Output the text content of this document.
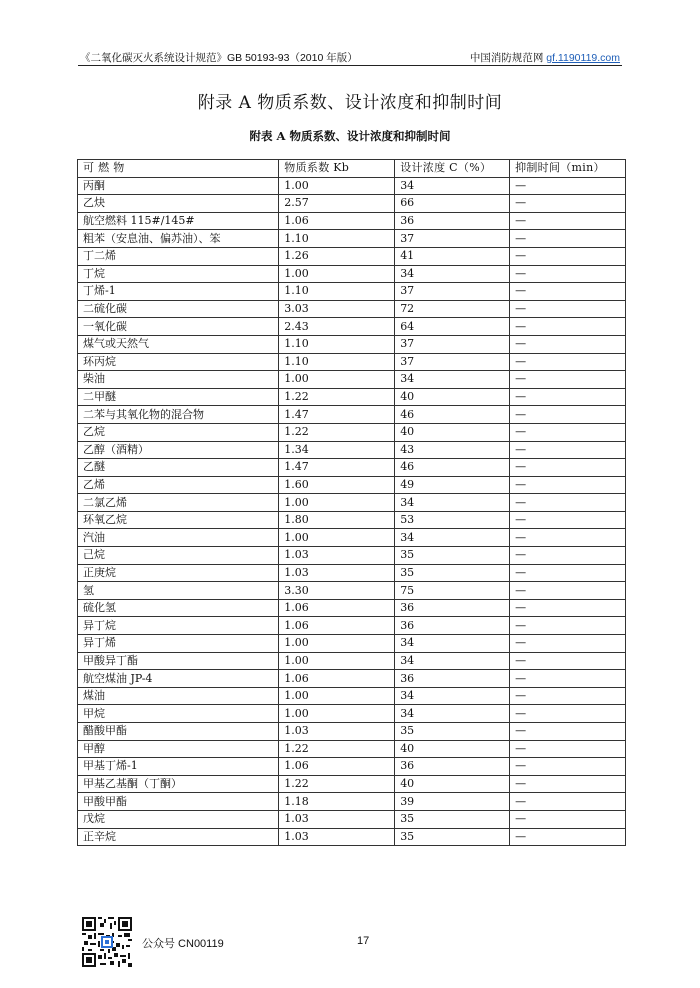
《二氧化碳灭火系统设计规范》GB 50193-93（2010 年版）	中国消防规范网 gf.1190119.com
附录 A 物质系数、设计浓度和抑制时间
附表 A 物质系数、设计浓度和抑制时间
可 燃 物	物质系数 Kb	设计浓度 C（%）	抑制时间（min）
丙酮	1.00	34	—
乙炔	2.57	66	—
航空燃料 115#/145#	1.06	36	—
粗苯（安息油、偏苏油）、笨	1.10	37	—
丁二烯	1.26	41	—
丁烷	1.00	34	—
丁烯-1	1.10	37	—
二硫化碳	3.03	72	—
一氧化碳	2.43	64	—
煤气或天然气	1.10	37	—
环丙烷	1.10	37	—
柴油	1.00	34	—
二甲醚	1.22	40	—
二苯与其氧化物的混合物	1.47	46	—
乙烷	1.22	40	—
乙醇（酒精）	1.34	43	—
乙醚	1.47	46	—
乙烯	1.60	49	—
二氯乙烯	1.00	34	—
环氧乙烷	1.80	53	—
汽油	1.00	34	—
己烷	1.03	35	—
正庚烷	1.03	35	—
氢	3.30	75	—
硫化氢	1.06	36	—
异丁烷	1.06	36	—
异丁烯	1.00	34	—
甲酸异丁酯	1.00	34	—
航空煤油 JP-4	1.06	36	—
煤油	1.00	34	—
甲烷	1.00	34	—
醋酸甲酯	1.03	35	—
甲醇	1.22	40	—
甲基丁烯-1	1.06	36	—
甲基乙基酮（丁酮）	1.22	40	—
甲酸甲酯	1.18	39	—
戊烷	1.03	35	—
正辛烷	1.03	35	—
公众号 CN00119	17
